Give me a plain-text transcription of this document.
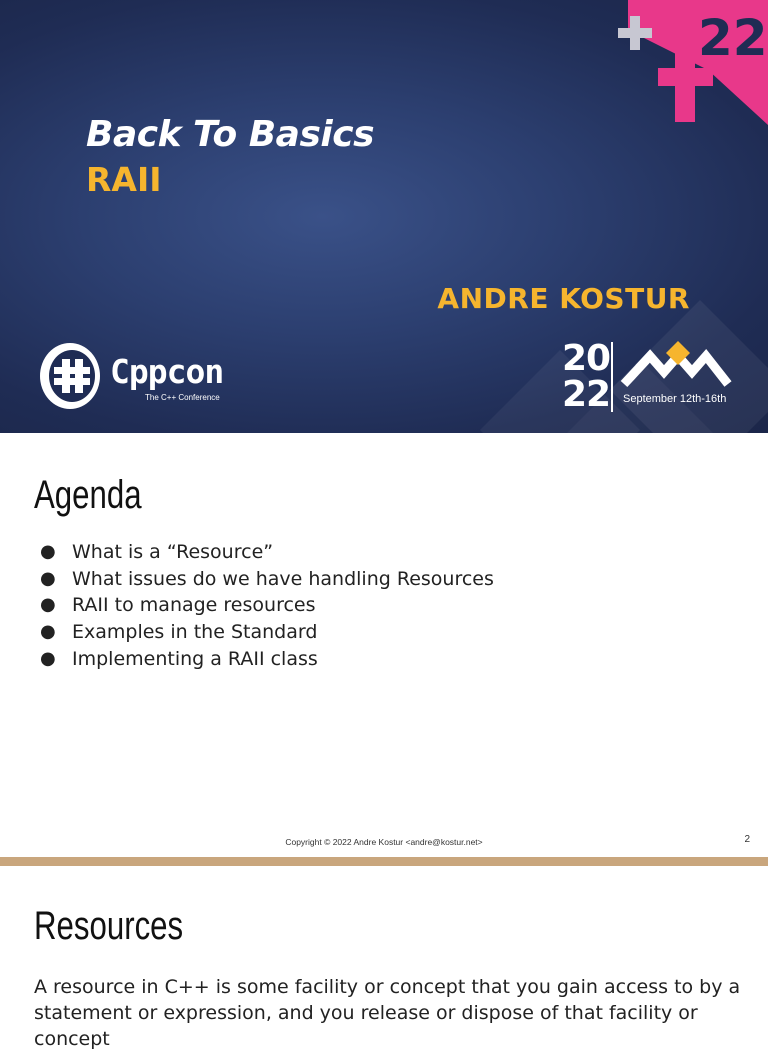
22
Back To Basics
RAII
ANDRE KOSTUR
Cppcon
The C++ Conference
20
22 September 12th-16th
Agenda
● What is a “Resource”
● What issues do we have handling Resources
● RAII to manage resources
● Examples in the Standard
● Implementing a RAII class
Copyright © 2022 Andre Kostur <andre@kostur.net>	2
Resources
A resource in C++ is some facility or concept that you gain access to by a statement or expression, and you release or dispose of that facility or concept
